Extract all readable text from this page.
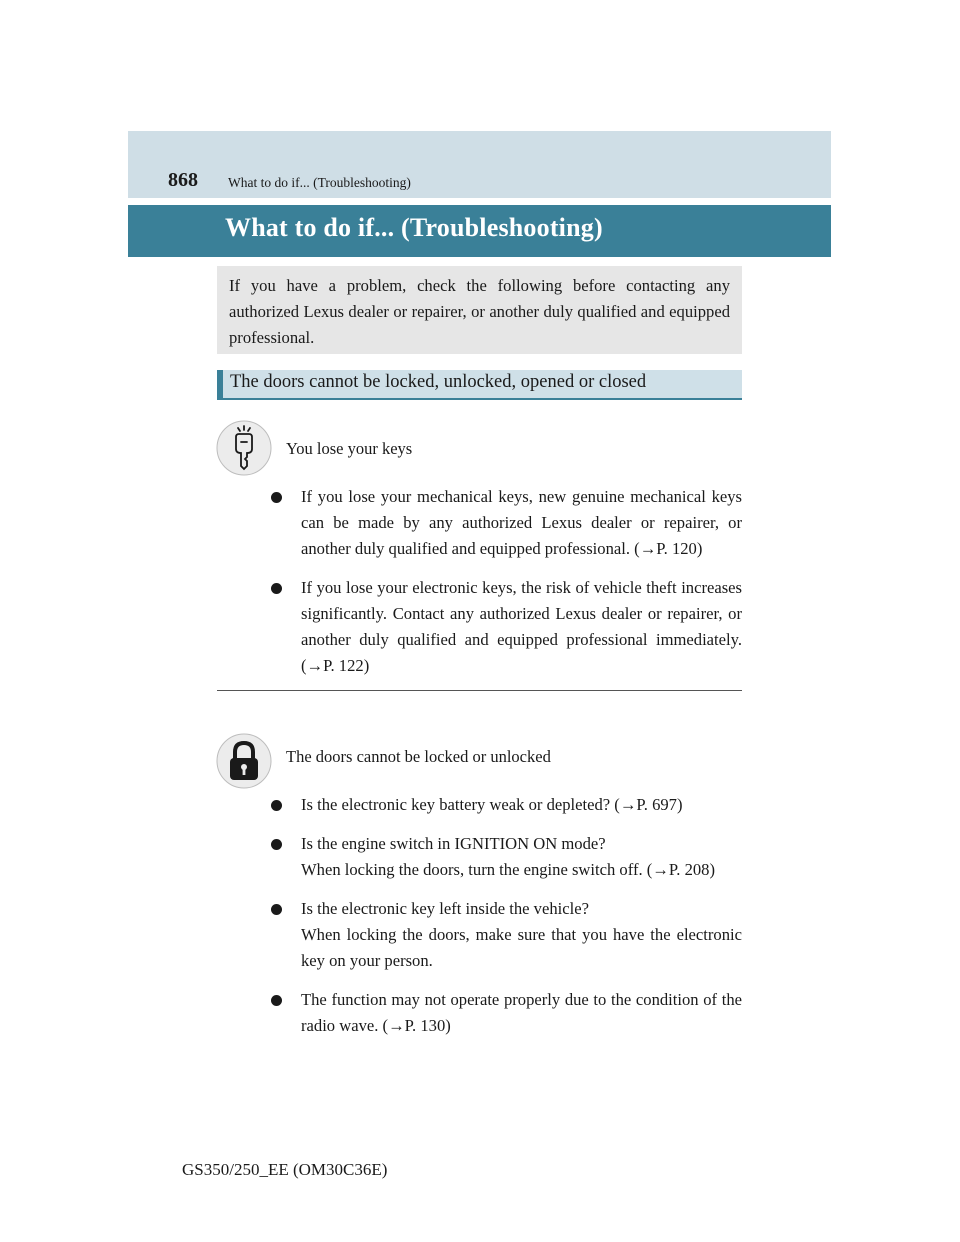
868 What to do if... (Troubleshooting)
What to do if... (Troubleshooting)
If you have a problem, check the following before contacting any authorized Lexus dealer or repairer, or another duly qualified and equipped professional.
The doors cannot be locked, unlocked, opened or closed
You lose your keys
If you lose your mechanical keys, new genuine mechanical keys can be made by any authorized Lexus dealer or repairer, or another duly qualified and equipped professional. (→P. 120)
If you lose your electronic keys, the risk of vehicle theft increases significantly. Contact any authorized Lexus dealer or repairer, or another duly qualified and equipped professional immediately. (→P. 122)
The doors cannot be locked or unlocked
Is the electronic key battery weak or depleted? (→P. 697)
Is the engine switch in IGNITION ON mode?
When locking the doors, turn the engine switch off. (→P. 208)
Is the electronic key left inside the vehicle?
When locking the doors, make sure that you have the electronic key on your person.
The function may not operate properly due to the condition of the radio wave. (→P. 130)
GS350/250_EE (OM30C36E)
